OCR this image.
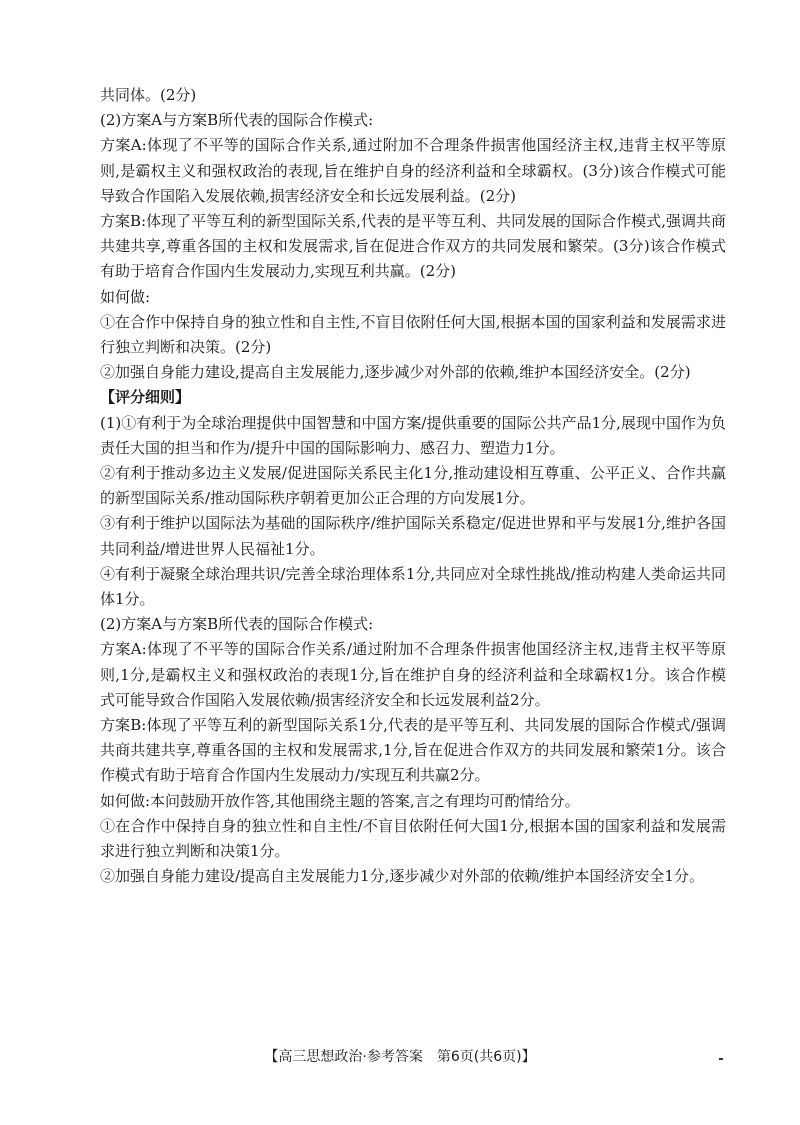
共同体。(2分)

(2)方案A与方案B所代表的国际合作模式:

方案A:体现了不平等的国际合作关系,通过附加不合理条件损害他国经济主权,违背主权平等原则,是霸权主义和强权政治的表现,旨在维护自身的经济利益和全球霸权。(3分)该合作模式可能导致合作国陷入发展依赖,损害经济安全和长远发展利益。(2分)

方案B:体现了平等互利的新型国际关系,代表的是平等互利、共同发展的国际合作模式,强调共商共建共享,尊重各国的主权和发展需求,旨在促进合作双方的共同发展和繁荣。(3分)该合作模式有助于培育合作国内生发展动力,实现互利共赢。(2分)

如何做:

①在合作中保持自身的独立性和自主性,不盲目依附任何大国,根据本国的国家利益和发展需求进行独立判断和决策。(2分)

②加强自身能力建设,提高自主发展能力,逐步减少对外部的依赖,维护本国经济安全。(2分)

【评分细则】

(1)①有利于为全球治理提供中国智慧和中国方案/提供重要的国际公共产品1分,展现中国作为负责任大国的担当和作为/提升中国的国际影响力、感召力、塑造力1分。

②有利于推动多边主义发展/促进国际关系民主化1分,推动建设相互尊重、公平正义、合作共赢的新型国际关系/推动国际秩序朝着更加公正合理的方向发展1分。

③有利于维护以国际法为基础的国际秩序/维护国际关系稳定/促进世界和平与发展1分,维护各国共同利益/增进世界人民福祉1分。

④有利于凝聚全球治理共识/完善全球治理体系1分,共同应对全球性挑战/推动构建人类命运共同体1分。

(2)方案A与方案B所代表的国际合作模式:

方案A:体现了不平等的国际合作关系/通过附加不合理条件损害他国经济主权,违背主权平等原则,1分,是霸权主义和强权政治的表现1分,旨在维护自身的经济利益和全球霸权1分。该合作模式可能导致合作国陷入发展依赖/损害经济安全和长远发展利益2分。

方案B:体现了平等互利的新型国际关系1分,代表的是平等互利、共同发展的国际合作模式/强调共商共建共享,尊重各国的主权和发展需求,1分,旨在促进合作双方的共同发展和繁荣1分。该合作模式有助于培育合作国内生发展动力/实现互利共赢2分。

如何做:本问鼓励开放作答,其他围绕主题的答案,言之有理均可酌情给分。

①在合作中保持自身的独立性和自主性/不盲目依附任何大国1分,根据本国的国家利益和发展需求进行独立判断和决策1分。

②加强自身能力建设/提高自主发展能力1分,逐步减少对外部的依赖/维护本国经济安全1分。

【高三思想政治·参考答案　第6页(共6页)】
